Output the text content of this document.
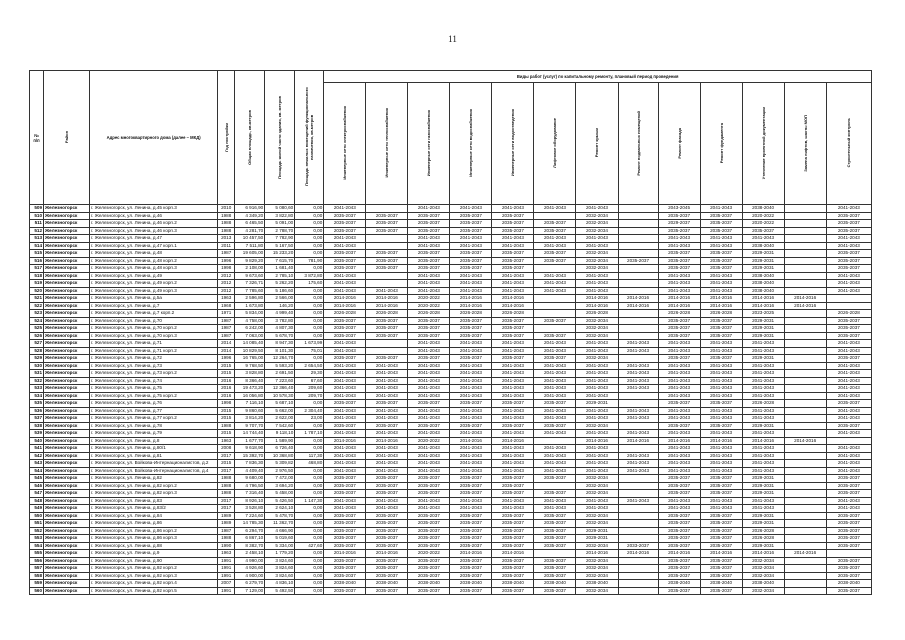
11
№
п/п	Район	Адрес многоквартирного дома (далее – МКД)	Год постройки	Общая площадь, кв.метров	Площадь жилой части здания, кв. метров	Площадь нежилых помещений функционального назначения, кв.метров	Виды работ (услуг) по капитальному ремонту, плановый период проведения												
							Инженерные сети электроснабжения	Инженерные сети теплоснабжения	Инженерные сети газоснабжения	Инженерные сети водоснабжения	Инженерные сети водоотведения	Лифтовое оборудование	Ремонт крыши	Ремонт подвальных помещений	Ремонт фасада	Ремонт фундамента	Утепление проектной документации	Замена лифтов, шахты МОП	Строительный контроль
509	Железногорск	г. Железногорск, ул. Ленина, д.45 корп.3	2010	6 916,90	5 080,60	0,00	2041-2043		2041-2043	2041-2043	2041-2043	2041-2043	2041-2043		2043-2045	2041-2043	2038-2040		2041-2043
510	Железногорск	г. Железногорск, ул. Ленина, д.46	1988	4 349,20	3 822,80	0,00	2035-2037	2035-2037	2035-2037	2035-2037	2035-2037		2032-2034		2035-2037	2035-2037	2020-2022		2035-2037
511	Железногорск	г. Железногорск, ул. Ленина, д.46 корп.2	1988	6 465,50	5 091,00	0,00	2035-2037	2035-2037	2035-2037	2035-2037	2035-2037	2035-2037	2032-2034		2029-2037	2035-2037	2020-2022		2035-2037
512	Железногорск	г. Железногорск, ул. Ленина, д.46 корп.3	1988	4 281,70	2 788,70	0,00	2035-2037	2035-2037	2035-2037	2035-2037	2035-2037	2035-2037	2032-2034		2035-2037	2035-2037	2035-2037		2035-2037
513	Железногорск	г. Железногорск, ул. Ленина, д.47	2013	10 457,50	7 782,90	0,00	2041-2043		2041-2043	2041-2043	2041-2043	2041-2043	2041-2043		2041-2043	2041-2043	2041-2043		2041-2043
514	Железногорск	г. Железногорск, ул. Ленина, д.47 корп.1	2011	7 511,80	5 167,50	0,00	2041-2043		2041-2043	2041-2043	2041-2043	2041-2043	2041-2043		2041-2043	2041-2043	2038-2040		2041-2043
515	Железногорск	г. Железногорск, ул. Ленина, д.48	1987	19 605,00	15 233,20	0,00	2035-2037	2035-2037	2035-2037	2035-2037	2035-2037	2035-2037	2032-2034		2035-2037	2035-2037	2029-2031		2035-2037
516	Железногорск	г. Железногорск, ул. Ленина, д.48 корп.2	1996	9 829,20	7 615,70	781,90	2035-2037	2035-2037	2035-2037	2035-2037	2035-2037	2035-2037	2032-2034	2035-2037	2035-2037	2035-2037	2029-2031		2035-2037
517	Железногорск	г. Железногорск, ул. Ленина, д.48 корп.3	1998	2 108,00	1 681,40	0,00	2035-2037	2035-2037	2035-2037	2035-2037	2035-2037		2032-2034		2035-2037	2035-2037	2029-2031		2035-2037
518	Железногорск	г. Железногорск, ул. Ленина, д.49	2012	9 673,60	2 785,10	3 872,80	2041-2043		2041-2043	2041-2043	2041-2043	2041-2043	2041-2043		2041-2043	2041-2043	2038-2040		2041-2043
519	Железногорск	г. Железногорск, ул. Ленина, д.49 корп.2	2012	7 326,71	5 262,20	175,60	2041-2043		2041-2043	2041-2043	2041-2043	2041-2043	2041-2043		2041-2043	2041-2043	2038-2040		2041-2043
520	Железногорск	г. Железногорск, ул. Ленина, д.49 корп.3	2012	7 785,60	5 186,60	0,00	2041-2043	2041-2043	2041-2043	2041-2043	2041-2043	2041-2043	2041-2043		2041-2043	2041-2043	2038-2040		2041-2043
521	Железногорск	г. Железногорск, ул. Ленина, д.5а	1963	2 596,80	2 566,00	0,00	2014-2016	2014-2016	2020-2022	2014-2016	2014-2016		2014-2016	2014-2016	2014-2016	2014-2016	2014-2016	2014-2016	
522	Железногорск	г. Железногорск, ул. Ленина, д.7	1968	1 673,80	146,20	0,00	2014-2016	2014-2016	2020-2022	2014-2016	2014-2016		2014-2016	2014-2016	2014-2016	2014-2016	2014-2016	2014-2016	
523	Железногорск	г. Железногорск, ул. Ленина, д.7 корп.2	1971	5 834,00	4 999,40	0,00	2026-2028	2026-2028	2026-2028	2026-2028	2026-2028		2026-2028		2026-2028	2026-2028	2023-2025		2026-2028
524	Железногорск	г. Железногорск, ул. Ленина, д.70	1987	4 758,00	3 782,80	0,00	2035-2037	2035-2037	2035-2037	2035-2037	2035-2037	2035-2037	2032-2034		2035-2037	2035-2037	2029-2031		2035-2037
525	Железногорск	г. Железногорск, ул. Ленина, д.70 корп.2	1987	6 242,00	4 807,30	0,00	2035-2037	2035-2037	2035-2037	2035-2037	2035-2037		2032-2034		2035-2037	2035-2037	2029-2031		2035-2037
526	Железногорск	г. Железногорск, ул. Ленина, д.70 корп.3	1987	7 063,00	5 678,70	0,00	2035-2037	2035-2037	2035-2037	2035-2037	2035-2037	2035-2037	2032-2034		2035-2037	2035-2037	2029-2031		2035-2037
527	Железногорск	г. Железногорск, ул. Ленина, д.71	2014	14 085,40	8 947,30	1 673,99	2041-2043		2041-2043	2041-2043	2041-2043	2041-2043	2041-2043	2041-2043	2041-2043	2041-2043	2041-2043		2041-2043
528	Железногорск	г. Железногорск, ул. Ленина, д.71 корп.2	2014	10 829,50	8 101,30	75,01	2041-2043		2041-2043	2041-2043	2041-2043	2041-2043	2041-2043	2041-2043	2041-2043	2041-2043	2041-2043		2041-2043
529	Железногорск	г. Железногорск, ул. Ленина, д.72	1996	16 765,00	12 264,70	0,00	2035-2037	2035-2037	2035-2037	2035-2037	2035-2037	2035-2037	2032-2034		2035-2037	2035-2037	2029-2031		2035-2037
530	Железногорск	г. Железногорск, ул. Ленина, д.73	2015	9 768,50	5 593,20	2 654,50	2041-2043	2041-2043	2041-2043	2041-2043	2041-2043	2041-2043	2041-2043	2041-2043	2041-2043	2041-2043	2041-2043		2041-2043
531	Железногорск	г. Железногорск, ул. Ленина, д.73 корп.2	2015	3 828,80	2 691,50	29,30	2041-2043	2041-2043	2041-2043	2041-2043	2041-2043	2041-2043	2041-2043	2041-2043	2041-2043	2041-2043	2041-2043		2041-2043
532	Железногорск	г. Железногорск, ул. Ленина, д.74	2016	8 366,40	7 223,60	67,60	2041-2043	2041-2043	2041-2043	2041-2043	2041-2043	2041-2043	2041-2043	2041-2043	2041-2043	2041-2043	2041-2043		2041-2043
533	Железногорск	г. Железногорск, ул. Ленина, д.75	2016	19 473,20	12 366,40	209,60	2041-2043	2041-2043	2041-2043	2041-2043	2041-2043	2041-2043	2041-2043	2041-2043	2041-2043	2041-2043	2041-2043		2041-2043
534	Железногорск	г. Железногорск, ул. Ленина, д.75 корп.2	2016	16 056,80	10 578,30	209,70	2041-2043	2041-2043	2041-2043	2041-2043	2041-2043	2041-2043	2041-2043		2041-2043	2041-2043	2041-2043		2041-2043
535	Железногорск	г. Железногорск, ул. Ленина, д.76	1998	7 116,10	5 687,10	0,00	2035-2037	2035-2037	2035-2037	2035-2037	2035-2037	2035-2037	2029-2031		2035-2037	2035-2037	2026-2028		2035-2037
536	Железногорск	г. Железногорск, ул. Ленина, д.77	2015	9 860,60	5 662,00	2 304,40	2041-2043	2041-2043	2041-2043	2041-2043	2041-2043	2041-2043	2041-2043	2041-2043	2041-2043	2041-2043	2041-2043		2041-2043
537	Железногорск	г. Железногорск, ул. Ленина, д.77 корп.2	2015	3 814,20	2 622,00	23,00	2041-2043	2041-2043	2041-2043	2041-2043	2041-2043	2041-2043	2041-2043	2041-2043	2041-2043	2041-2043	2041-2043		2041-2043
538	Железногорск	г. Железногорск, ул. Ленина, д.78	1988	9 707,70	7 542,60	0,00	2035-2037	2035-2037	2035-2037	2035-2037	2035-2037	2035-2037	2032-2034		2035-2037	2035-2037	2029-2031		2035-2037
539	Железногорск	г. Железногорск, ул. Ленина, д.79	2015	14 744,40	9 118,10	1 787,10	2041-2043	2041-2043	2041-2043	2041-2043	2041-2043	2041-2043	2041-2043	2041-2043	2041-2043	2041-2043	2041-2043		2041-2043
540	Железногорск	г. Железногорск, ул. Ленина, д.8	1963	1 677,70	1 589,90	0,00	2014-2016	2014-2016	2020-2022	2014-2016	2014-2016		2014-2016	2014-2016	2014-2016	2014-2016	2014-2016	2014-2016	
541	Железногорск	г. Железногорск, ул. Ленина, д.80/1	2008	9 618,90	6 726,40	0,00	2041-2043	2041-2043	2041-2043	2041-2043	2041-2043	2041-2043	2041-2043		2041-2043	2041-2043	2041-2043		2041-2043
542	Железногорск	г. Железногорск, ул. Ленина, д.81	2017	15 392,70	10 368,80	117,30	2041-2043	2041-2043	2041-2043	2041-2043	2041-2043	2041-2043	2041-2043	2041-2043	2041-2043	2041-2043	2041-2043		2041-2043
543	Железногорск	г. Железногорск, ул. Войкова-Интернационалистов, д.2	2015	7 836,30	5 309,82	468,80	2041-2043	2041-2043	2041-2043	2041-2043	2041-2043	2041-2043	2041-2043	2041-2043	2041-2043	2041-2043	2041-2043		2041-2043
544	Железногорск	г. Железногорск, ул. Войкова-Интернационалистов, д.4	2017	4 409,40	2 976,50	0,00	2041-2043	2041-2043	2041-2043	2041-2043	2041-2043	2041-2043	2041-2043	2041-2043	2041-2043	2041-2043	2041-2043		2041-2043
545	Железногорск	г. Железногорск, ул. Ленина, д.82	1988	9 680,00	7 472,00	0,00	2035-2037	2035-2037	2035-2037	2035-2037	2035-2037	2035-2037	2032-2034		2035-2037	2035-2037	2029-2031		2035-2037
546	Железногорск	г. Железногорск, ул. Ленина, д.82 корп.2	1988	4 796,50	3 694,20	0,00	2035-2037	2035-2037	2035-2037	2035-2037	2035-2037		2032-2034		2035-2037	2035-2037	2029-2031		2035-2037
547	Железногорск	г. Железногорск, ул. Ленина, д.82 корп.3	1988	7 316,40	5 458,00	0,00	2035-2037	2035-2037	2035-2037	2035-2037	2035-2037	2035-2037	2032-2034		2035-2037	2035-2037	2029-2031		2035-2037
548	Железногорск	г. Железногорск, ул. Ленина, д.83	2017	8 926,10	5 426,50	1 147,30	2041-2043	2041-2043	2041-2043	2041-2043	2041-2043	2041-2043	2041-2043	2041-2043	2041-2043	2041-2043	2041-2043		2041-2043
549	Железногорск	г. Железногорск, ул. Ленина, д.83/2	2017	3 528,80	2 624,10	0,00	2041-2043	2041-2043	2041-2043	2041-2043	2041-2043	2041-2043	2041-2043		2041-2043	2041-2043	2041-2043		2041-2043
550	Железногорск	г. Железногорск, ул. Ленина, д.84	1989	7 224,60	5 478,70	0,00	2035-2037	2035-2037	2035-2037	2035-2037	2035-2037	2035-2037	2032-2034		2035-2037	2035-2037	2029-2031		2035-2037
551	Железногорск	г. Железногорск, ул. Ленина, д.86	1989	14 785,30	11 362,70	0,00	2035-2037	2035-2037	2035-2037	2035-2037	2035-2037	2035-2037	2032-2034		2035-2037	2035-2037	2029-2031		2035-2037
552	Железногорск	г. Железногорск, ул. Ленина, д.86 корп.2	1987	6 294,70	4 666,90	0,00	2035-2037	2035-2037	2035-2037	2035-2037	2035-2037	2035-2037	2029-2031		2035-2037	2035-2037	2026-2028		2035-2037
553	Железногорск	г. Железногорск, ул. Ленина, д.86 корп.3	1988	6 867,10	5 019,60	0,00	2035-2037	2035-2037	2035-2037	2035-2037	2035-2037	2035-2037	2029-2031		2035-2037	2035-2037	2026-2028		2035-2037
554	Железногорск	г. Железногорск, ул. Ленина, д.88	1990	8 382,70	5 334,00	427,60	2035-2037	2035-2037	2035-2037	2035-2037	2035-2037	2035-2037	2032-2034	2033-2037	2035-2037	2035-2037	2029-2031		2035-2037
555	Железногорск	г. Железногорск, ул. Ленина, д.9	1963	2 458,10	1 779,20	0,00	2014-2016	2014-2016	2020-2022	2014-2016	2014-2016		2014-2016	2014-2016	2014-2016	2014-2016	2014-2016	2014-2016	
556	Железногорск	г. Железногорск, ул. Ленина, д.90	1991	4 990,00	3 824,60	0,00	2035-2037	2035-2037	2035-2037	2035-2037	2035-2037	2035-2037	2032-2034		2035-2037	2035-2037	2032-2034		2035-2037
557	Железногорск	г. Железногорск, ул. Ленина, д.92 корп.2	1991	4 926,60	3 824,60	0,00	2035-2037	2035-2037	2035-2037	2035-2037	2035-2037	2035-2037	2032-2034		2035-2037	2035-2037	2032-2034		2035-2037
558	Железногорск	г. Железногорск, ул. Ленина, д.92 корп.3	1991	4 900,00	3 824,60	0,00	2035-2037	2035-2037	2035-2037	2035-2037	2035-2037	2035-2037	2032-2034		2035-2037	2035-2037	2032-2034		2035-2037
559	Железногорск	г. Железногорск, ул. Ленина, д.92 корп.4	2007	6 279,70	4 836,10	0,00	2038-2040	2038-2040	2038-2040	2038-2040	2038-2040	2038-2040	2038-2040		2038-2040	2038-2040	2038-2040		2038-2040
560	Железногорск	г. Железногорск, ул. Ленина, д.92 корп.5	1991	7 129,00	5 492,50	0,00	2035-2037	2035-2037	2035-2037	2035-2037	2035-2037	2035-2037	2032-2034		2035-2037	2035-2037	2032-2034		2035-2037
